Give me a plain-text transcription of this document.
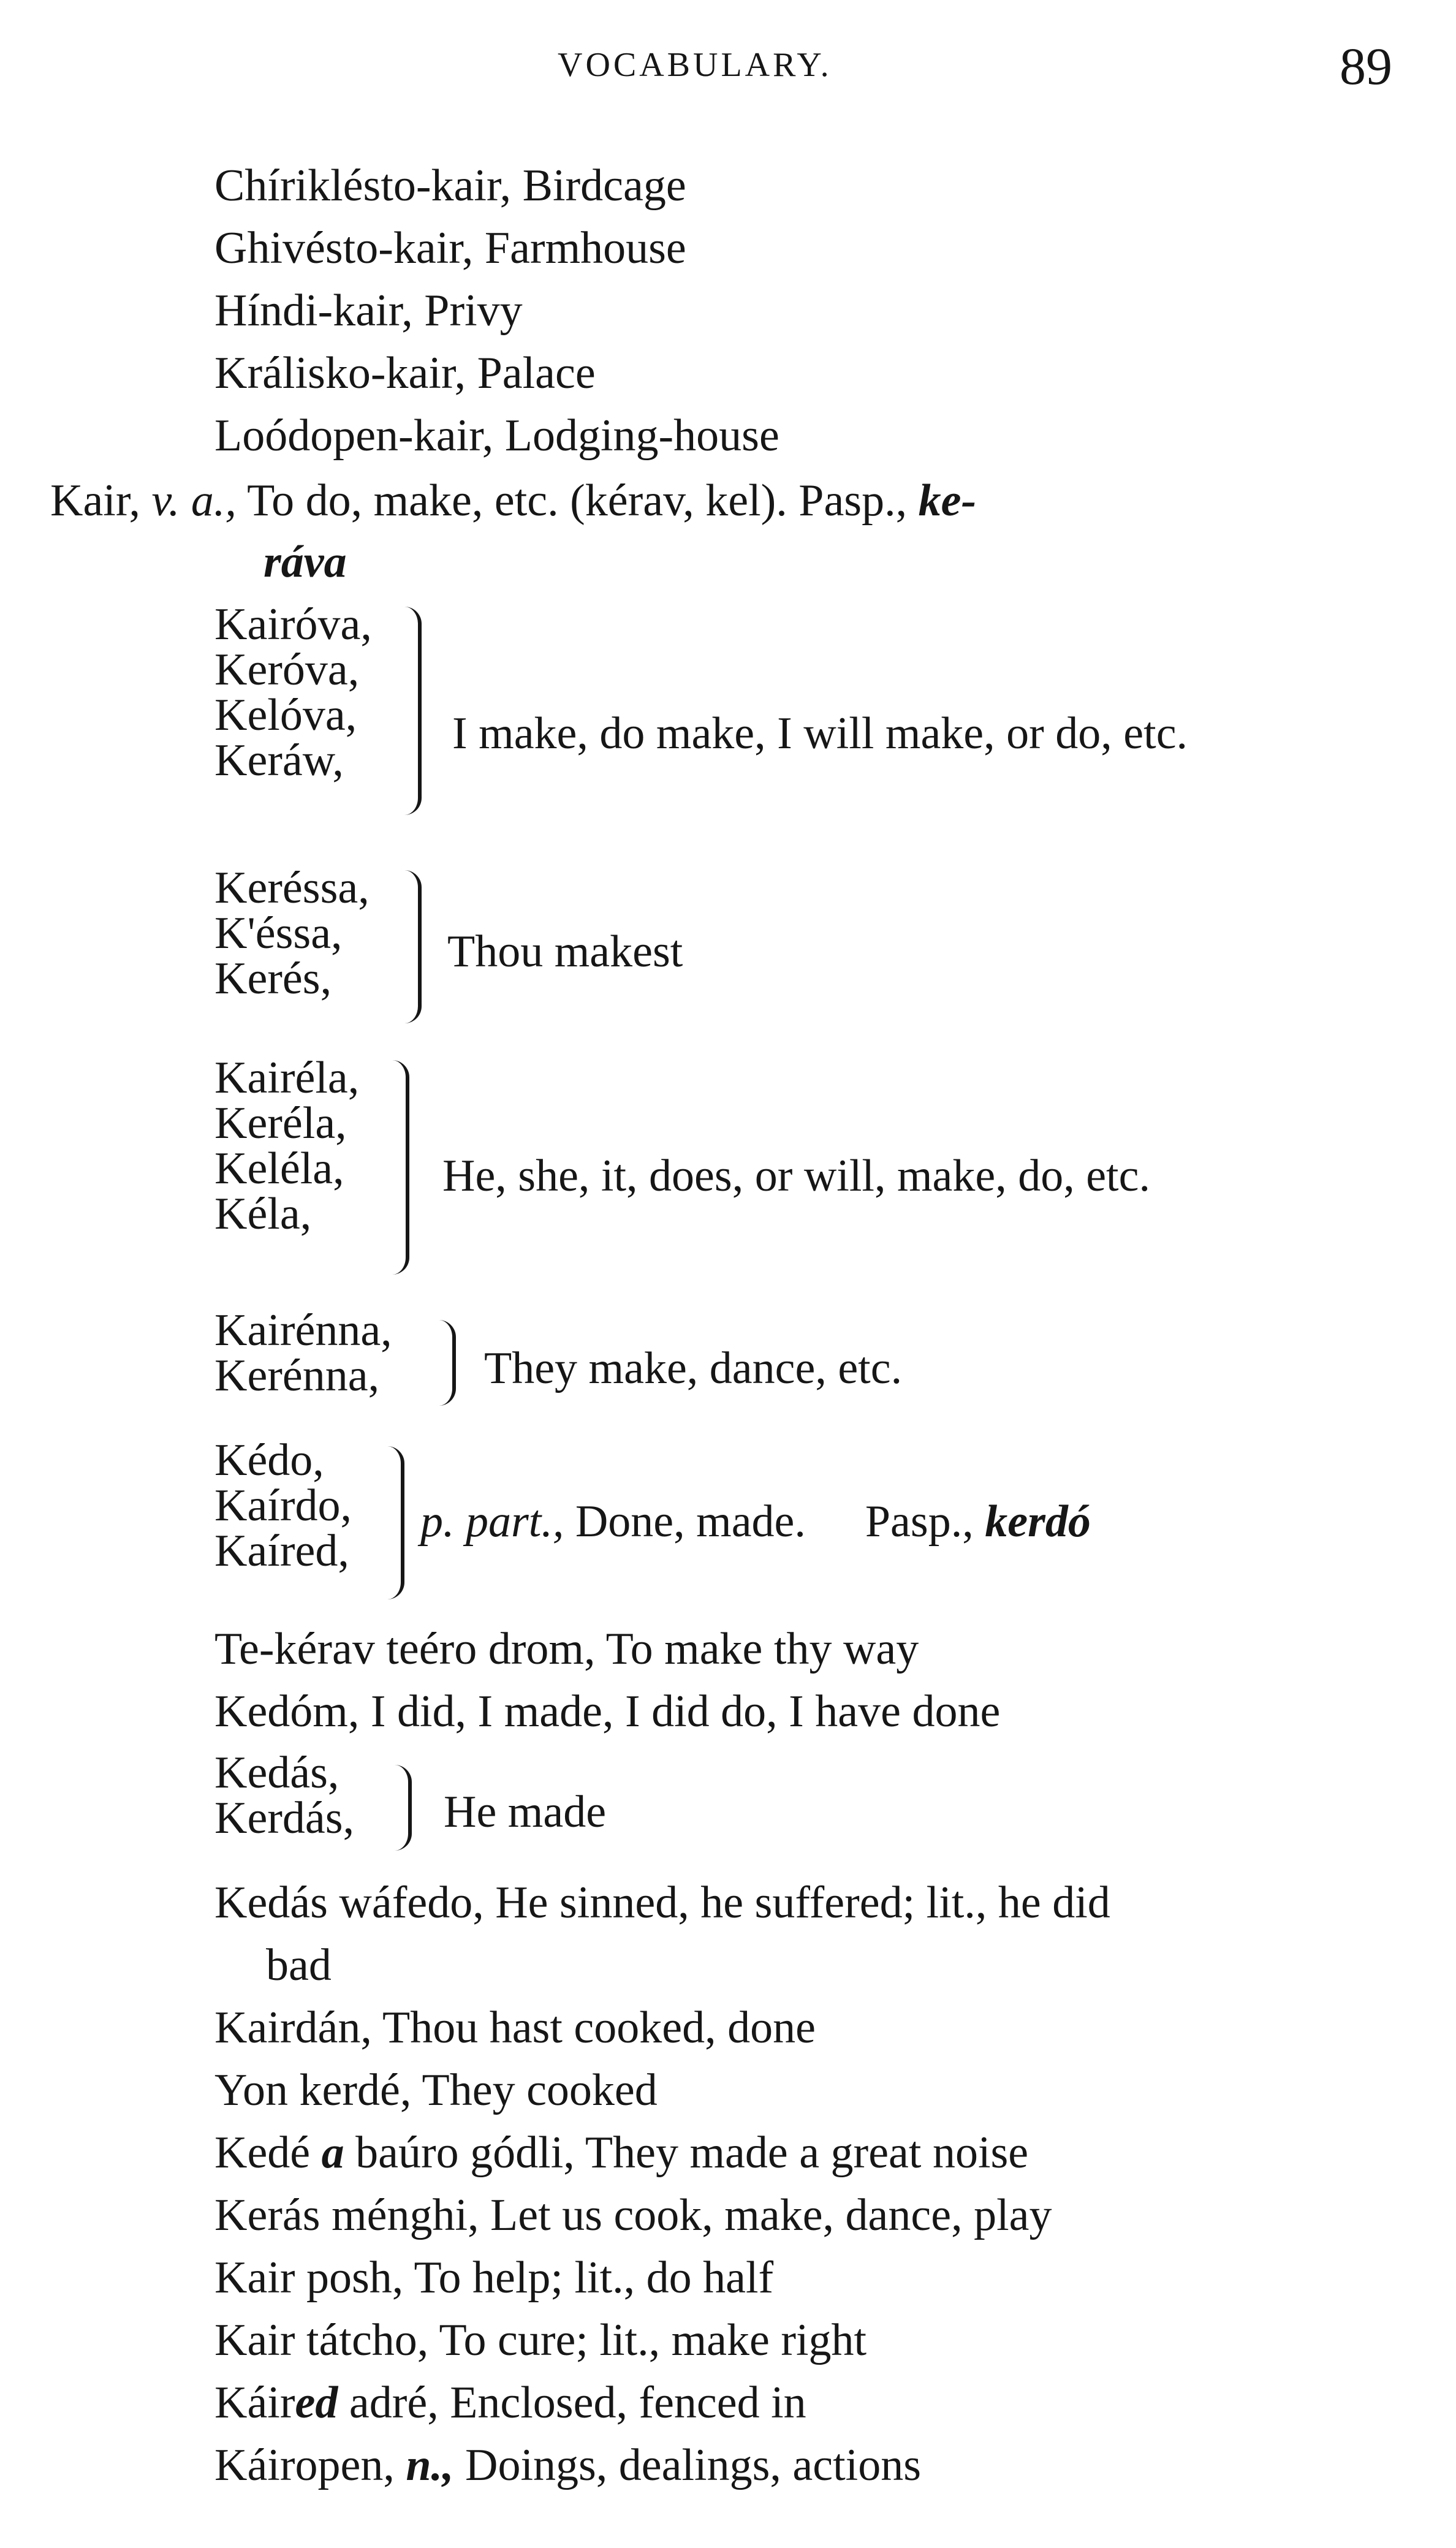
VOCABULARY.	89
Chíriklésto-kair, Birdcage
Ghivésto-kair, Farmhouse
Híndi-kair, Privy
Králisko-kair, Palace
Loódopen-kair, Lodging-house
Kair, v. a., To do, make, etc. (kérav, kel). Pasp., ke-
ráva
Kairóva,
Keróva,
Kelóva,
Keráw,
I make, do make, I will make, or do, etc.
Keréssa,
K'éssa,
Kerés,
Thou makest
Kairéla,
Keréla,
Keléla,
Kéla,
He, she, it, does, or will, make, do, etc.
Kairénna,
Kerénna, They make, dance, etc.
Kédo,
Kaírdo,
Kaíred,
p. part., Done, made. Pasp., kerdó
Te-kérav teéro drom, To make thy way
Kedóm, I did, I made, I did do, I have done
Kedás,
Kerdás, He made
Kedás wáfedo, He sinned, he suffered; lit., he did
bad
Kairdán, Thou hast cooked, done
Yon kerdé, They cooked
Kedé a baúro gódli, They made a great noise
Kerás ménghi, Let us cook, make, dance, play
Kair posh, To help; lit., do half
Kair tátcho, To cure; lit., make right
Káired adré, Enclosed, fenced in
Káiropen, n., Doings, dealings, actions
